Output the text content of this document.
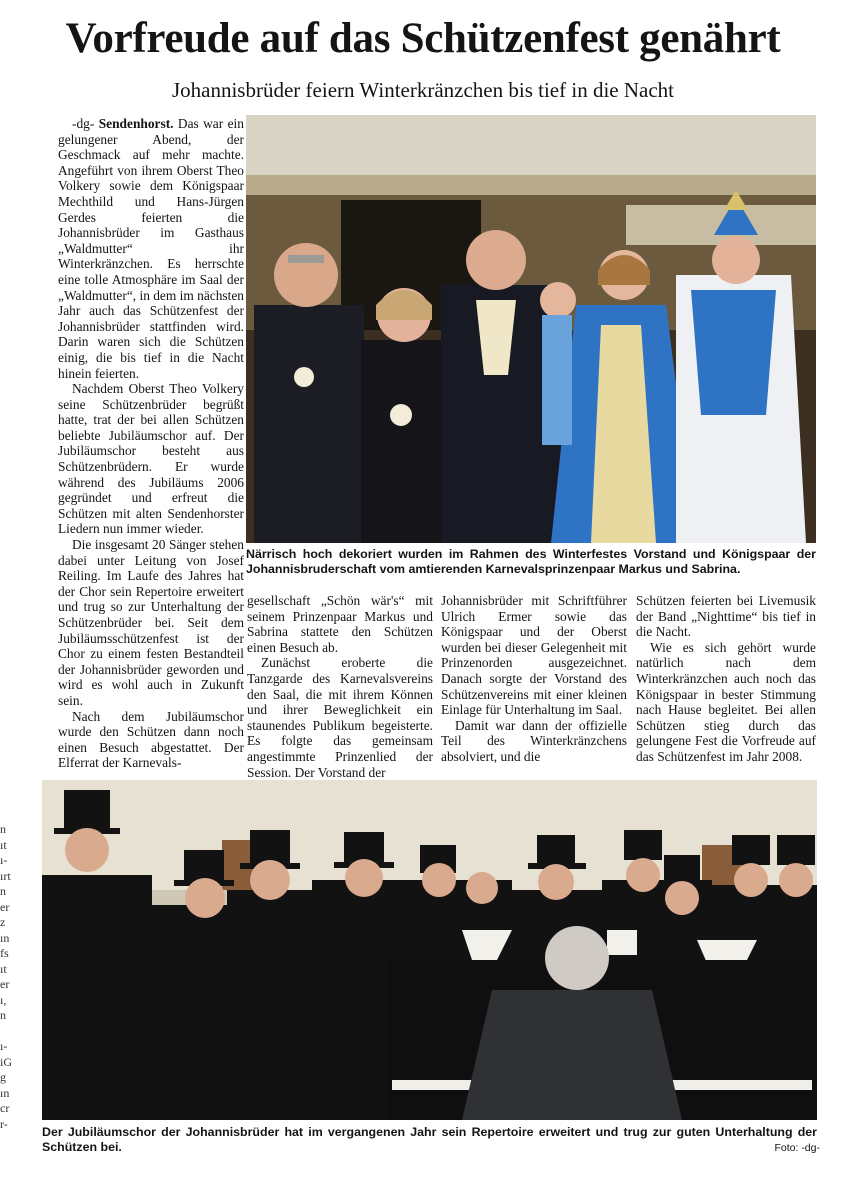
Vorfreude auf das Schützenfest genährt
Johannisbrüder feiern Winterkränzchen bis tief in die Nacht

-dg- Sendenhorst. Das war ein gelungener Abend, der Geschmack auf mehr machte. Angeführt von ihrem Oberst Theo Volkery sowie dem Königspaar Mechthild und Hans-Jürgen Gerdes feierten die Johannisbrüder im Gasthaus „Waldmutter“ ihr Winterkränzchen. Es herrschte eine tolle Atmosphäre im Saal der „Waldmutter“, in dem im nächsten Jahr auch das Schützenfest der Johannisbrüder stattfinden wird. Darin waren sich die Schützen einig, die bis tief in die Nacht hinein feierten.

Nachdem Oberst Theo Volkery seine Schützenbrüder begrüßt hatte, trat der bei allen Schützen beliebte Jubiläumschor auf. Der Jubiläumschor besteht aus Schützenbrüdern. Er wurde während des Jubiläums 2006 gegründet und erfreut die Schützen mit alten Sendenhorster Liedern nun immer wieder.

Die insgesamt 20 Sänger stehen dabei unter Leitung von Josef Reiling. Im Laufe des Jahres hat der Chor sein Repertoire erweitert und trug so zur Unterhaltung der Schützenbrüder bei. Seit dem Jubiläumsschützenfest ist der Chor zu einem festen Bestandteil der Johannisbrüder geworden und wird es wohl auch in Zukunft sein.

Nach dem Jubiläumschor wurde den Schützen dann noch einen Besuch abgestattet. Der Elferrat der Karnevals-

Närrisch hoch dekoriert wurden im Rahmen des Winterfestes Vorstand und Königspaar der Johannisbruderschaft vom amtierenden Karnevalsprinzenpaar Markus und Sabrina.

gesellschaft „Schön wär's“ mit seinem Prinzenpaar Markus und Sabrina stattete den Schützen einen Besuch ab.

Zunächst eroberte die Tanzgarde des Karnevalsvereins den Saal, die mit ihrem Können und ihrer Beweglichkeit ein staunendes Publikum begeisterte. Es folgte das gemeinsam angestimmte Prinzenlied der Session. Der Vorstand der

Johannisbrüder mit Schriftführer Ulrich Ermer sowie das Königspaar und der Oberst wurden bei dieser Gelegenheit mit Prinzenorden ausgezeichnet. Danach sorgte der Vorstand des Schützenvereins mit einer kleinen Einlage für Unterhaltung im Saal.

Damit war dann der offizielle Teil des Winterkränzchens absolviert, und die

Schützen feierten bei Livemusik der Band „Nighttime“ bis tief in die Nacht.

Wie es sich gehört wurde natürlich nach dem Winterkränzchen auch noch das Königspaar in bester Stimmung nach Hause begleitet. Bei allen Schützen stieg durch das gelungene Fest die Vorfreude auf das Schützenfest im Jahr 2008.

n
ıt
ı-
ırt
n
er
z
ın
fs
ıt
er
ı,
n

ı-
iG
g
ın
cr
r-
Der Jubiläumschor der Johannisbrüder hat im vergangenen Jahr sein Repertoire erweitert und trug zur guten Unterhaltung der Schützen bei.	Foto: -dg-
